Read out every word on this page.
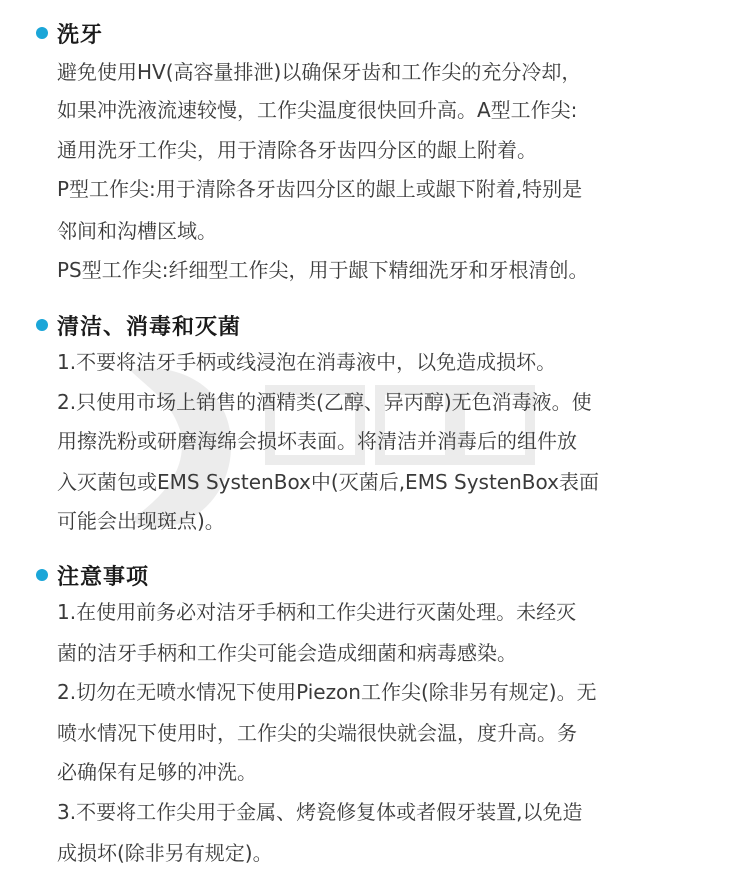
洗牙
避免使用HV(高容量排泄)以确保牙齿和工作尖的充分冷却，
如果冲洗液流速较慢，工作尖温度很快回升高。A型工作尖:
通用洗牙工作尖，用于清除各牙齿四分区的龈上附着。
P型工作尖:用于清除各牙齿四分区的龈上或龈下附着,特别是
邻间和沟槽区域。
PS型工作尖:纤细型工作尖，用于龈下精细洗牙和牙根清创。
清洁、消毒和灭菌
1.不要将洁牙手柄或线浸泡在消毒液中，以免造成损坏。
2.只使用市场上销售的酒精类(乙醇、异丙醇)无色消毒液。使
用擦洗粉或研磨海绵会损坏表面。将清洁并消毒后的组件放
入灭菌包或EMS SystenBox中(灭菌后,EMS SystenBox表面
可能会出现斑点)。
注意事项
1.在使用前务必对洁牙手柄和工作尖进行灭菌处理。未经灭
菌的洁牙手柄和工作尖可能会造成细菌和病毒感染。
2.切勿在无喷水情况下使用Piezon工作尖(除非另有规定)。无
喷水情况下使用时，工作尖的尖端很快就会温，度升高。务
必确保有足够的冲洗。
3.不要将工作尖用于金属、烤瓷修复体或者假牙装置,以免造
成损坏(除非另有规定)。
